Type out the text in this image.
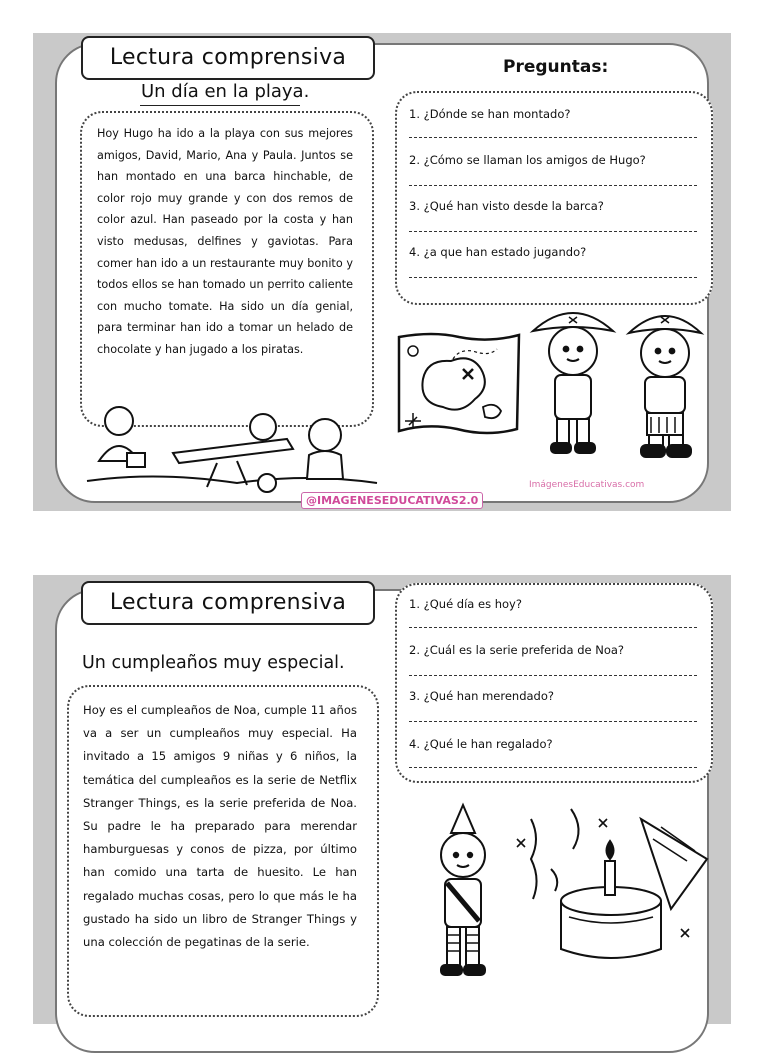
Lectura comprensiva
Un día en la playa.
Hoy Hugo ha ido a la playa con sus mejores amigos, David, Mario, Ana y Paula. Juntos se han montado en una barca hinchable, de color rojo muy grande y con dos remos de color azul. Han paseado por la costa y han visto medusas, delfines y gaviotas. Para comer han ido a un restaurante muy bonito y todos ellos se han tomado un perrito caliente con mucho tomate. Ha sido un día genial, para terminar han ido a tomar un helado de chocolate y han jugado a los piratas.
Preguntas:
1. ¿Dónde se han montado?
2. ¿Cómo se llaman los amigos de Hugo?
3. ¿Qué han visto desde la barca?
4. ¿a que han estado jugando?
ImágenesEducativas.com
@IMAGENESEDUCATIVAS2.0
Lectura comprensiva
Un cumpleaños muy especial.
Hoy es el cumpleaños de Noa, cumple 11 años va a ser un cumpleaños muy especial. Ha invitado a 15 amigos 9 niñas y 6 niños, la temática del cumpleaños es la serie de Netflix Stranger Things, es la serie preferida de Noa. Su padre le ha preparado para merendar hamburguesas y conos de pizza, por último han comido una tarta de huesito. Le han regalado muchas cosas, pero lo que más le ha gustado ha sido un libro de Stranger Things y una colección de pegatinas de la serie.
1. ¿Qué día es hoy?
2. ¿Cuál es la serie preferida de Noa?
3. ¿Qué han merendado?
4. ¿Qué le han regalado?
